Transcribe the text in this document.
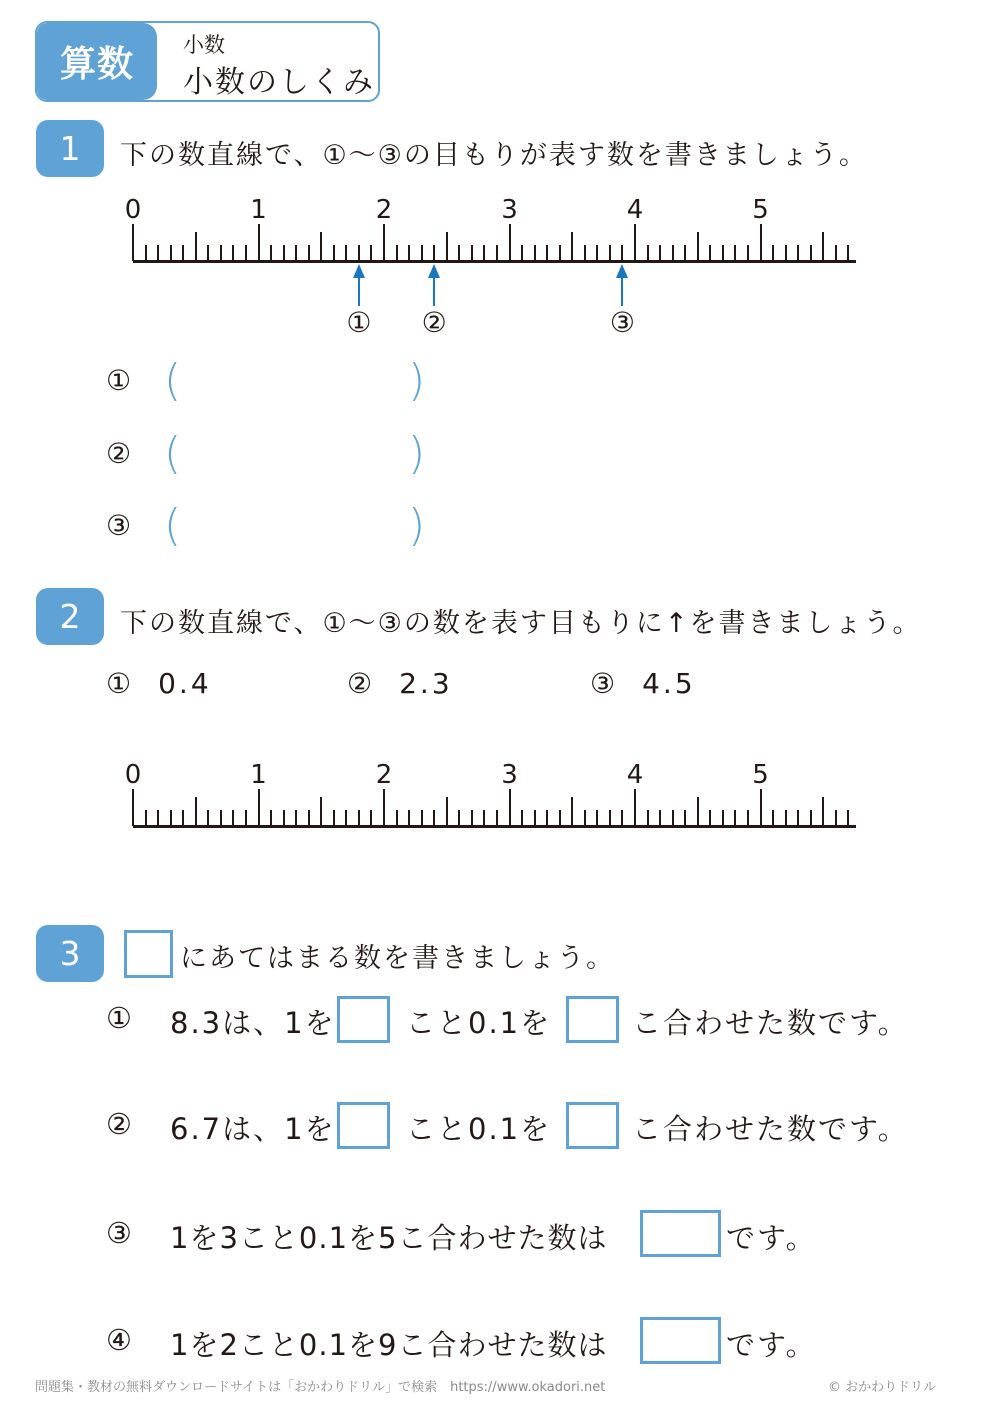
算数	小数
小数のしくみ
1	下の数直線で、①～③の目もりが表す数を書きましょう。
0	1	2	3	4	5
① ②	③
① (	)
② (	)
③ (	)
2	下の数直線で、①～③の数を表す目もりに↑を書きましょう。
① 0.4	② 2.3	③ 4.5
0	1	2	3	4	5
3	にあてはまる数を書きましょう。
① 8.3は、1を こと0.1を	こ合わせた数です。
② 6.7は、1を こと0.1を	こ合わせた数です。
③ 1を3こと0.1を5こ合わせた数は	です。
④ 1を2こと0.1を9こ合わせた数は	です。
問題集・教材の無料ダウンロードサイトは「おかわりドリル」で検索　https://www.okadori.net	© おかわりドリル
